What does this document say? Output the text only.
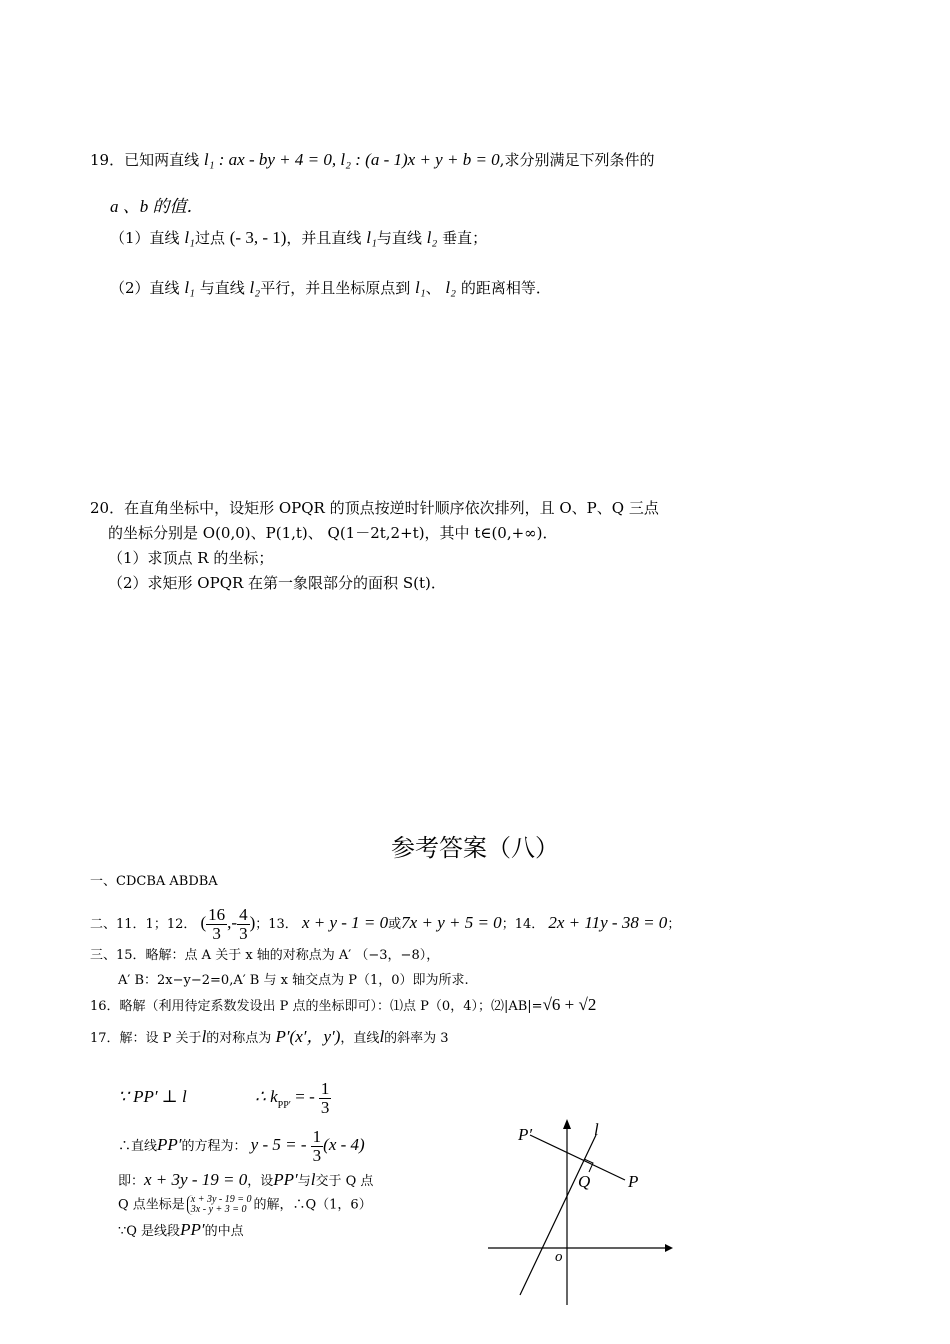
19．已知两直线 l₁ : ax - by + 4 = 0, l₂ : (a - 1)x + y + b = 0,求分别满足下列条件的
a 、b 的值．
（1）直线 l₁过点 (- 3, - 1)，并且直线 l₁与直线 l₂ 垂直；
（2）直线 l₁ 与直线 l₂平行，并且坐标原点到 l₁、 l₂ 的距离相等．
20．在直角坐标中，设矩形 OPQR 的顶点按逆时针顺序依次排列，且 O、P、Q 三点
的坐标分别是 O(0,0)、P(1,t)、 Q(1－2t,2+t)，其中 t∈(0,+∞)．
（1）求顶点 R 的坐标；
（2）求矩形 OPQR 在第一象限部分的面积 S(t)．
参考答案（八）
一、CDCBA ABDBA
二、11．1；12． ( $\frac{16}{3}$ ,- $\frac{4}{3}$ )；13． x + y - 1 = 0或7x + y + 5 = 0；14． 2x + 11y - 38 = 0；
三、15．略解：点 A 关于 x 轴的对称点为 A′ （−3，−8），
A′ B：2x−y−2=0,A′ B 与 x 轴交点为 P（1，0）即为所求.
16．略解（利用待定系数发设出 P 点的坐标即可）：⑴点 P（0，4）；⑵|AB|=√6 + √2
17．解：设 P 关于l的对称点为 P′(x′，y′)，直线l的斜率为 3
∵ PP′ ⊥ l	∴ $k_{PP'}$ = - $\frac{1}{3}$
∴直线PP′的方程为： y - 5 = - $\frac{1}{3} (x - 4)$
即：x + 3y - 19 = 0，设PP′与l交于 Q 点
Q 点坐标是 x + 3y - 19 = 0
3x - y + 3 = 0 的解，∴Q（1，6）
∵Q 是线段PP′的中点
P′	l
Q P
o
